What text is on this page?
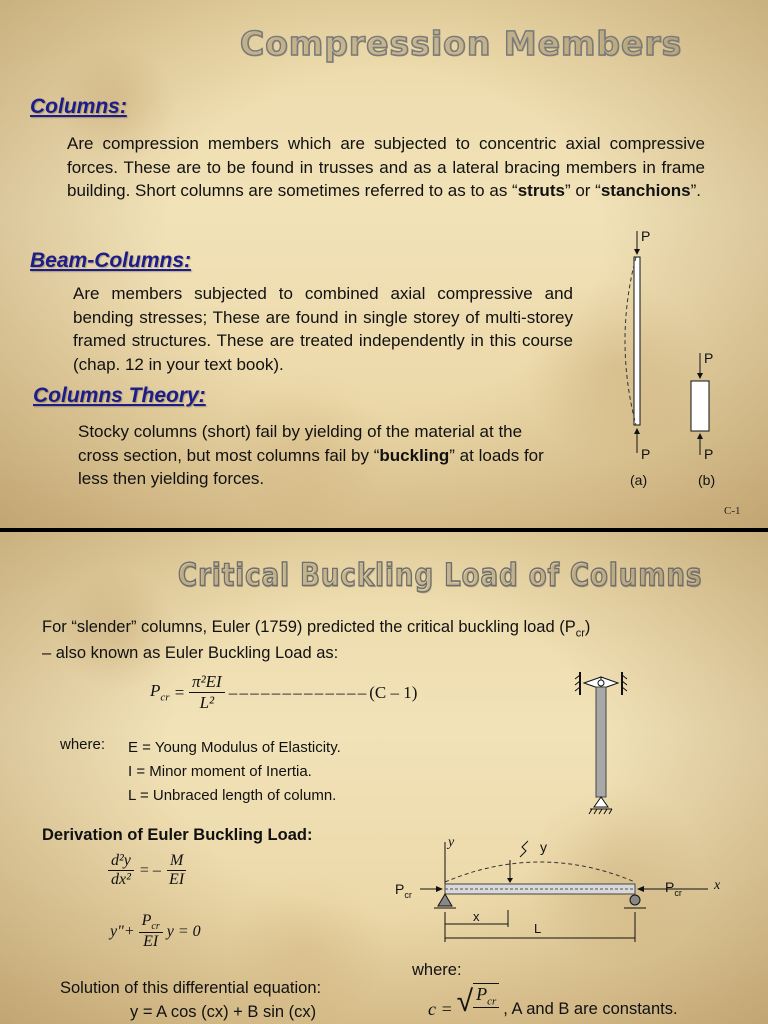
Compression Members
Columns:
Are compression members which are subjected to concentric axial compressive forces. These are to be found in trusses and as a lateral bracing members in frame building. Short columns are sometimes referred to as to as “struts” or “stanchions”.
Beam-Columns:
Are members subjected to combined axial compressive and bending stresses; These are found in single storey of multi-storey framed structures. These are treated independently in this course (chap. 12 in your text book).
Columns Theory:
Stocky columns (short) fail by yielding of the material at the cross section, but most columns fail by “buckling” at loads for less then yielding forces.
P
P
P
P
(a)	(b)
C-1
Critical Buckling Load of Columns
For “slender” columns, Euler (1759) predicted the critical buckling load $(P_{cr})$
– also known as Euler Buckling Load as:
$P_{cr} = \frac{\text{π²EI}}{\text{L²}}$ – – – – – – – – – – – – – (C – 1)
where: E = Young Modulus of Elasticity.
I = Minor moment of Inertia.
L = Unbraced length of column.
Derivation of Euler Buckling Load:
$\frac{\text{d²y}}{\text{dx²}}$ = – $\frac{M}{EI}$
y"+ $\frac{P_{cr}}{EI}$ y = 0
y	y
$P_{cr}$	$P_{cr}$ x
x
L
where:
c = √ $P_{cr}$ , A and B are constants.
Solution of this differential equation:
y = A cos (cx) + B sin (cx)
